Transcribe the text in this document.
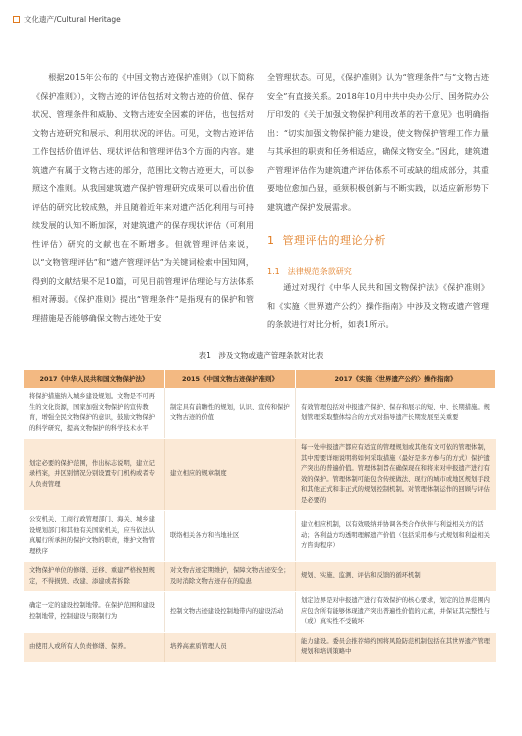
文化遗产/Cultural Heritage

根据2015年公布的《中国文物古迹保护准则》（以下简称《保护准则》），文物古迹的评估包括对文物古迹的价值、保存状况、管理条件和威胁、文物古迹安全因素的评估，也包括对文物古迹研究和展示、利用状况的评估。可见，文物古迹评估工作包括价值评估、现状评估和管理评估3个方面的内容。建筑遗产有属于文物古迹的部分，范围比文物古迹更大，可以参照这个准则。从我国建筑遗产保护管理研究成果可以看出价值评估的研究比较成熟，并且随着近年来对遗产活化利用与可持续发展的认知不断加深，对建筑遗产的保存现状评估（可利用性评估）研究的文献也在不断增多。但就管理评估来说，以“文物管理评估”和“遗产管理评估”为关键词检索中国知网，得到的文献结果不足10篇，可见目前管理评估理论与方法体系相对薄弱。《保护准则》提出“管理条件”是指现有的保护和管理措施是否能够确保文物古迹处于安

全管理状态。可见，《保护准则》认为“管理条件”与“文物古迹安全”有直接关系。2018年10月中共中央办公厅、国务院办公厅印发的《关于加强文物保护利用改革的若干意见》也明确指出：“切实加强文物保护能力建设，使文物保护管理工作力量与其承担的职责和任务相适应，确保文物安全。”因此，建筑遗产管理评估作为建筑遗产评估体系不可或缺的组成部分，其重要地位愈加凸显，亟须积极创新与不断实践，以适应新形势下建筑遗产保护发展需求。

1 管理评估的理论分析
1.1 法律规范条款研究

通过对现行《中华人民共和国文物保护法》《保护准则》和《实施〈世界遗产公约〉操作指南》中涉及文物或遗产管理的条款进行对比分析，如表1所示。

表1　涉及文物或遗产管理条款对比表
2017《中华人民共和国文物保护法》	2015《中国文物古迹保护准则》	2017《实施〈世界遗产公约〉操作指南》
将保护措施纳入城乡建设规划。文物是不可再生的文化资源，国家加强文物保护的宣传教育，增强全民文物保护的意识，鼓励文物保护的科学研究，提高文物保护的科学技术水平	制定具有前瞻性的规划，认识、宣传和保护文物古迹的价值	有效管理包括对申报遗产保护、保存和展示的短、中、长期措施。规划管理采取整体综合的方式对指导遗产长期发展至关重要
划定必要的保护范围，作出标志说明，建立记录档案，并区别情况分别设置专门机构或者专人负责管理	建立相应的规章制度	每一处申报遗产都应有适宜的管理规划或其他有文可依的管理体制，其中需要详细说明将如何采取措施（最好是多方参与的方式）保护遗产突出的普遍价值。管理体制旨在确保现在和将来对申报遗产进行有效的保护。管理体制可能包含传统做法、现行的城市或地区规划手段和其他正式和非正式的规划控制机制。对管理体制运作的回顾与评估是必要的
公安机关、工商行政管理部门、海关、城乡建设规划部门和其他有关国家机关，应当依法认真履行所承担的保护文物的职责，维护文物管理秩序	联络相关各方和当地社区	建立相应机制，以有效吸纳并协调各类合作伙伴与利益相关方的活动；各利益方均透明理解遗产价值（包括采用参与式规划和利益相关方咨询程序）
文物保护单位的修缮、迁移、重建严格按照规定，不得损毁、改建、添建或者拆除	对文物古迹定期维护，保障文物古迹安全；及时消除文物古迹存在的隐患	规划、实施、监测、评估和反馈的循环机制
确定一定的建设控制地带。在保护范围和建设控制地带，控制建设与限制行为	控制文物古迹建设控制地带内的建设活动	划定边界是对申报遗产进行有效保护的核心要求，划定的边界范围内应包含所有能够体现遗产突出普遍性价值的元素，并保证其完整性与（或）真实性不受破坏
由使用人或所有人负责修缮、保养。	培养高素质管理人员	能力建设。委员会推荐缔约国将风险防范机制包括在其世界遗产管理规划和培训策略中
